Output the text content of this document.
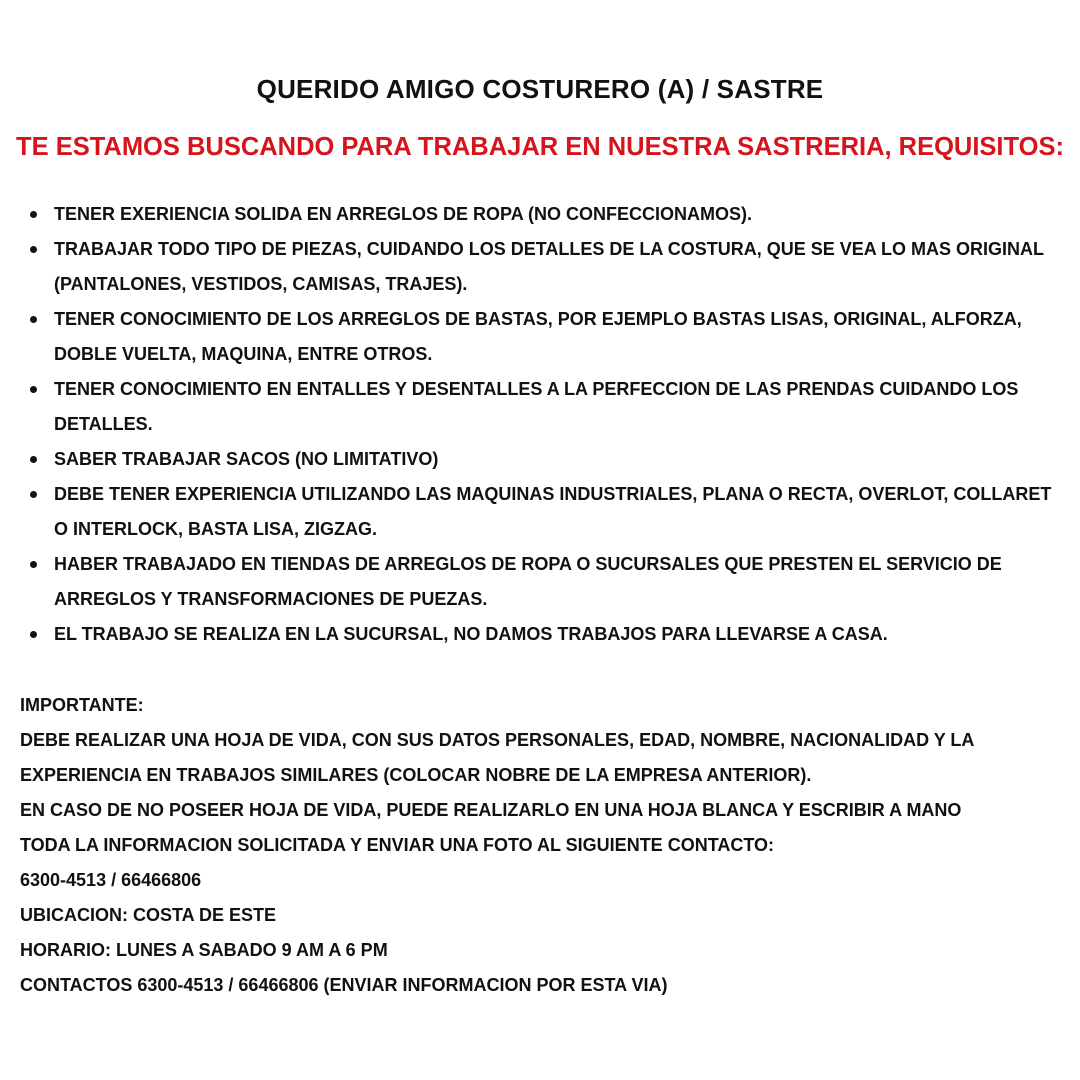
QUERIDO AMIGO COSTURERO (A) / SASTRE
TE ESTAMOS BUSCANDO PARA TRABAJAR EN NUESTRA SASTRERIA, REQUISITOS:
TENER EXERIENCIA SOLIDA EN ARREGLOS DE ROPA (NO CONFECCIONAMOS).
TRABAJAR TODO TIPO DE PIEZAS, CUIDANDO LOS DETALLES DE LA COSTURA, QUE SE VEA LO MAS ORIGINAL (PANTALONES, VESTIDOS, CAMISAS, TRAJES).
TENER CONOCIMIENTO DE LOS ARREGLOS DE BASTAS, POR EJEMPLO BASTAS LISAS, ORIGINAL, ALFORZA, DOBLE VUELTA, MAQUINA, ENTRE OTROS.
TENER CONOCIMIENTO EN ENTALLES Y DESENTALLES A LA PERFECCION DE LAS PRENDAS CUIDANDO LOS DETALLES.
SABER TRABAJAR SACOS (NO LIMITATIVO)
DEBE TENER EXPERIENCIA UTILIZANDO LAS MAQUINAS INDUSTRIALES, PLANA O RECTA, OVERLOT, COLLARET O INTERLOCK, BASTA LISA, ZIGZAG.
HABER TRABAJADO EN TIENDAS DE ARREGLOS DE ROPA O SUCURSALES QUE PRESTEN EL SERVICIO DE ARREGLOS Y TRANSFORMACIONES DE PUEZAS.
EL TRABAJO SE REALIZA EN LA SUCURSAL, NO DAMOS TRABAJOS PARA LLEVARSE A CASA.
IMPORTANTE:
DEBE REALIZAR UNA HOJA DE VIDA, CON SUS DATOS PERSONALES, EDAD, NOMBRE, NACIONALIDAD Y LA
EXPERIENCIA EN TRABAJOS SIMILARES (COLOCAR NOBRE DE LA EMPRESA ANTERIOR).
EN CASO DE NO POSEER HOJA DE VIDA, PUEDE REALIZARLO EN UNA HOJA BLANCA Y ESCRIBIR A MANO
TODA LA INFORMACION SOLICITADA Y ENVIAR UNA FOTO AL SIGUIENTE CONTACTO:
6300-4513 / 66466806
UBICACION: COSTA DE ESTE
HORARIO: LUNES A SABADO 9 AM A 6 PM
CONTACTOS 6300-4513 / 66466806 (ENVIAR INFORMACION POR ESTA VIA)
